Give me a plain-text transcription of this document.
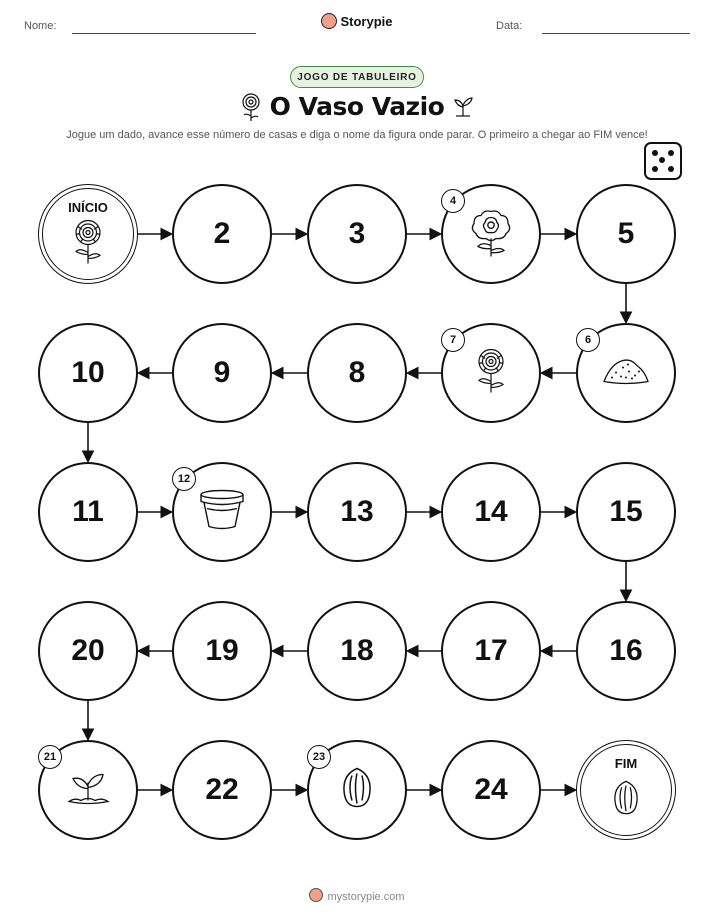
Nome:	Storypie	Data:
JOGO DE TABULEIRO
O Vaso Vazio
Jogue um dado, avance esse número de casas e diga o nome da figura onde parar. O primeiro a chegar ao FIM vence!
INÍCIO
2	3
4
5
6
7
8
9
10
11
12
13	14	15
16
17
18
19
20
21
22
23
24
FIM
mystorypie.com
